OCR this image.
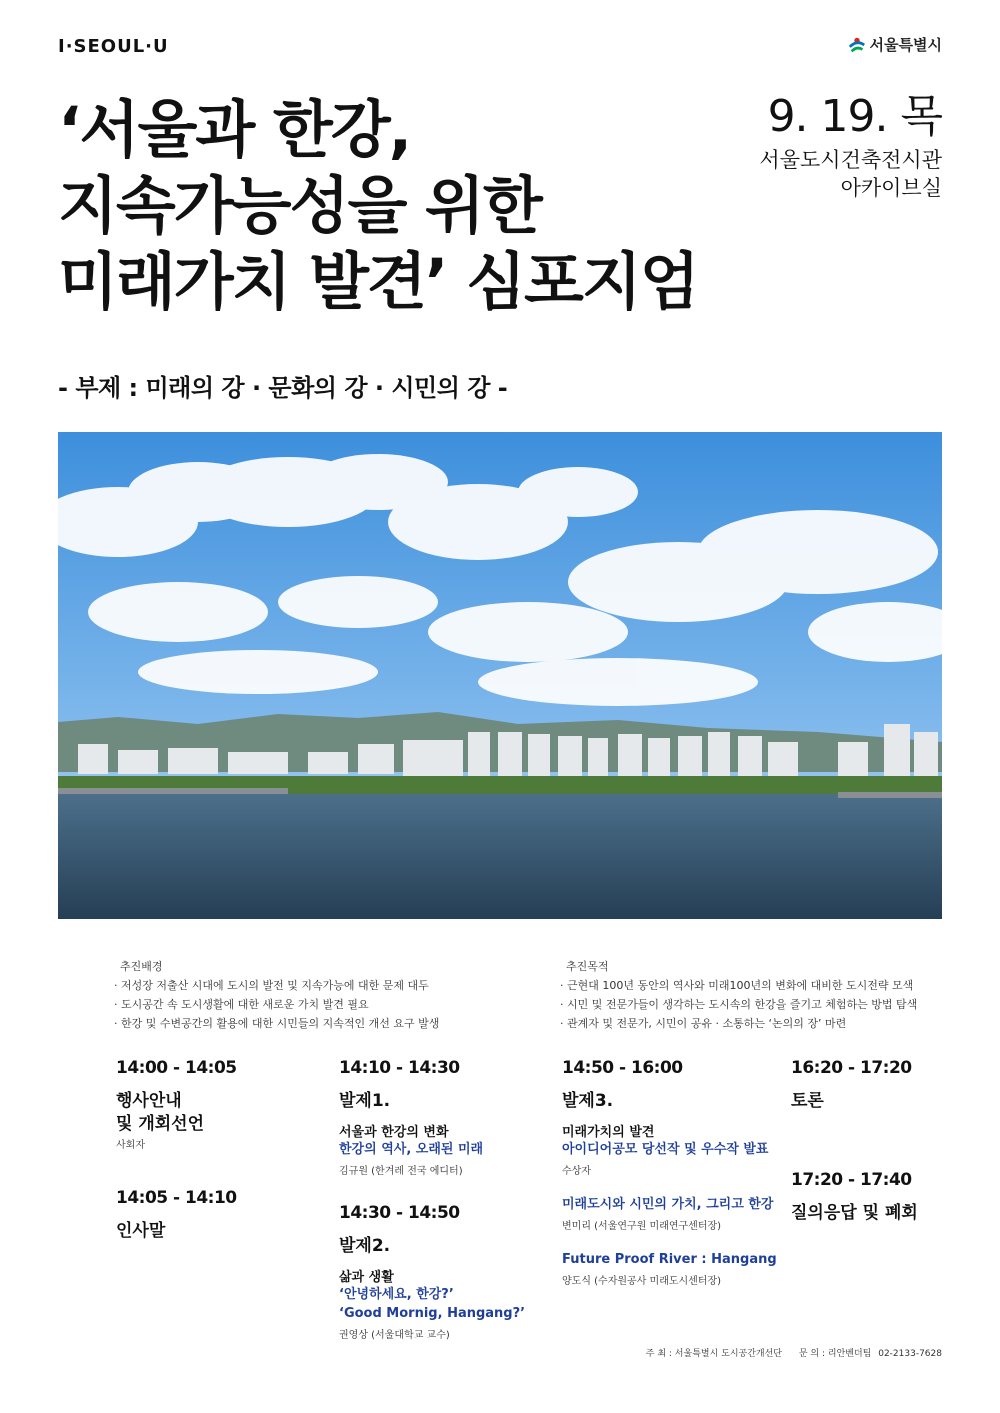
I·SEOUL·U	서울특별시
‘서울과 한강,
지속가능성을 위한
미래가치 발견’ 심포지엄
9. 19. 목
서울도시건축전시관
아카이브실
- 부제 : 미래의 강 · 문화의 강 · 시민의 강 -
추진배경
· 저성장 저출산 시대에 도시의 발전 및 지속가능에 대한 문제 대두
· 도시공간 속 도시생활에 대한 새로운 가치 발견 필요
· 한강 및 수변공간의 활용에 대한 시민들의 지속적인 개선 요구 발생
추진목적
· 근현대 100년 동안의 역사와 미래100년의 변화에 대비한 도시전략 모색
· 시민 및 전문가들이 생각하는 도시속의 한강을 즐기고 체험하는 방법 탐색
· 관계자 및 전문가, 시민이 공유 · 소통하는 ‘논의의 장’ 마련
14:00 - 14:05
행사안내
및 개회선언
사회자
14:05 - 14:10
인사말
14:10 - 14:30
발제1.
서울과 한강의 변화
한강의 역사, 오래된 미래
김규원 (한겨레 전국 에디터)
14:30 - 14:50
발제2.
삶과 생활
‘안녕하세요, 한강?’
‘Good Mornig, Hangang?’
권영상 (서울대학교 교수)
14:50 - 16:00
발제3.
미래가치의 발견
아이디어공모 당선작 및 우수작 발표
수상자
미래도시와 시민의 가치, 그리고 한강
변미리 (서울연구원 미래연구센터장)
Future Proof River : Hangang
양도식 (수자원공사 미래도시센터장)
16:20 - 17:20
토론
17:20 - 17:40
질의응답 및 폐회
주 최 : 서울특별시 도시공간개선단 문 의 : 리안벤더팀 02-2133-7628
